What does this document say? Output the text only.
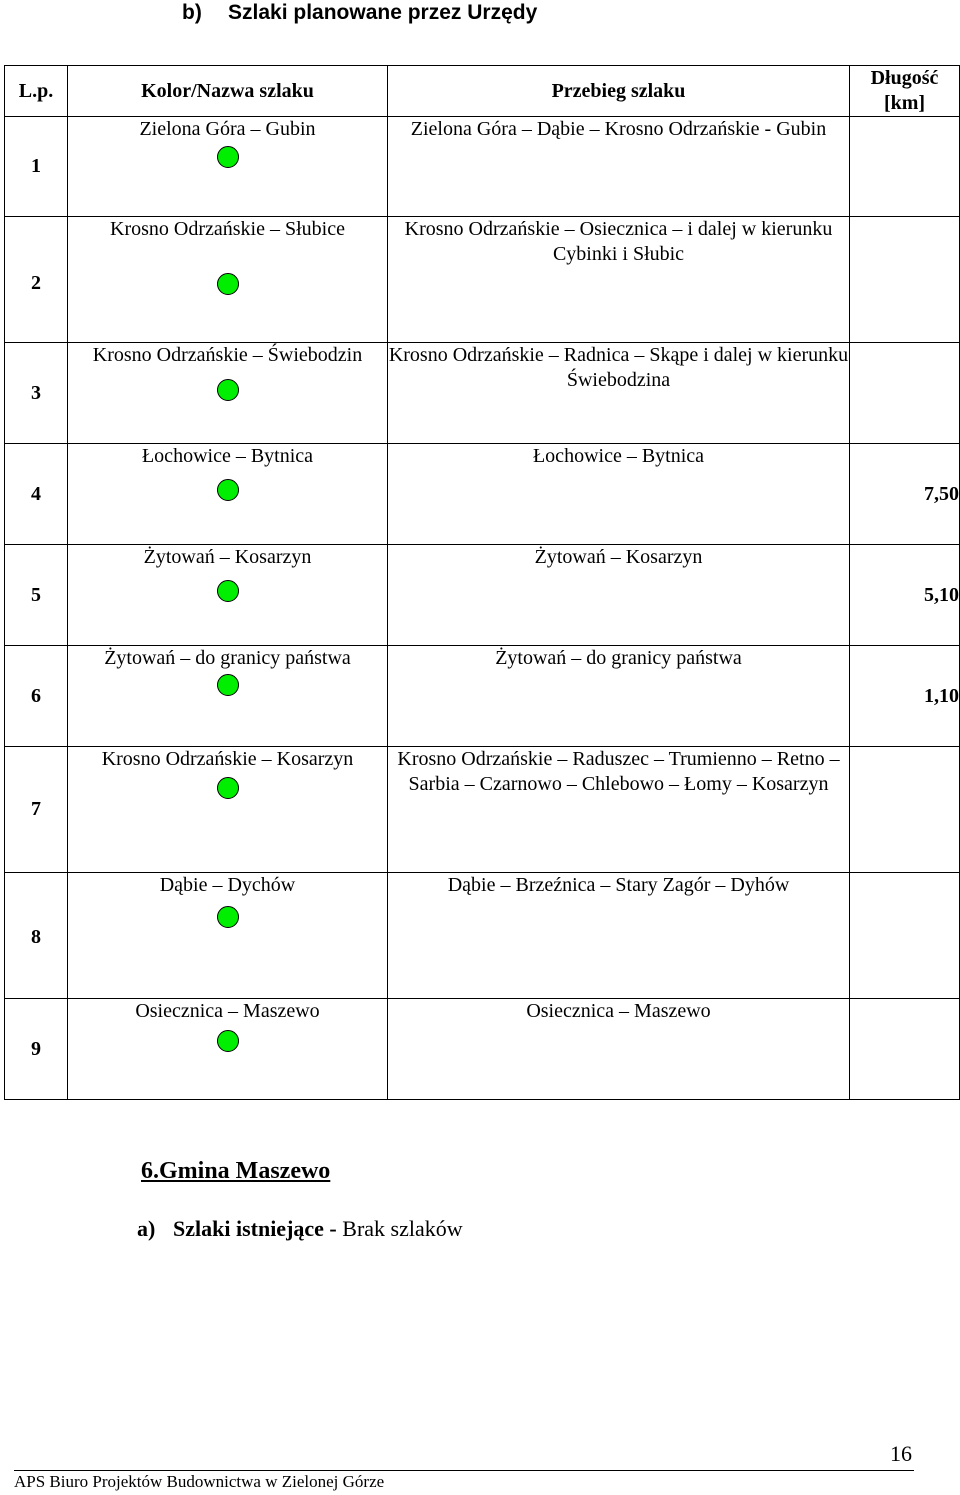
b) Szlaki planowane przez Urzędy
L.p.	Kolor/Nazwa szlaku	Przebieg szlaku	Długość
[km]
1	Zielona Góra – Gubin	Zielona Góra – Dąbie – Krosno Odrzańskie - Gubin	
2	Krosno Odrzańskie – Słubice	Krosno Odrzańskie – Osiecznica – i dalej w kierunku Cybinki i Słubic	
3	Krosno Odrzańskie – Świebodzin	Krosno Odrzańskie – Radnica – Skąpe i dalej w kierunku Świebodzina	
4	Łochowice – Bytnica	Łochowice – Bytnica	7,50
5	Żytowań – Kosarzyn	Żytowań – Kosarzyn	5,10
6	Żytowań – do granicy państwa	Żytowań – do granicy państwa	1,10
7	Krosno Odrzańskie – Kosarzyn	Krosno Odrzańskie – Raduszec – Trumienno – Retno – Sarbia – Czarnowo – Chlebowo – Łomy – Kosarzyn	
8	Dąbie – Dychów	Dąbie – Brzeźnica – Stary Zagór – Dyhów	
9	Osiecznica – Maszewo	Osiecznica – Maszewo	
6.Gmina Maszewo
a) Szlaki istniejące - Brak szlaków
16
APS Biuro Projektów Budownictwa w Zielonej Górze
